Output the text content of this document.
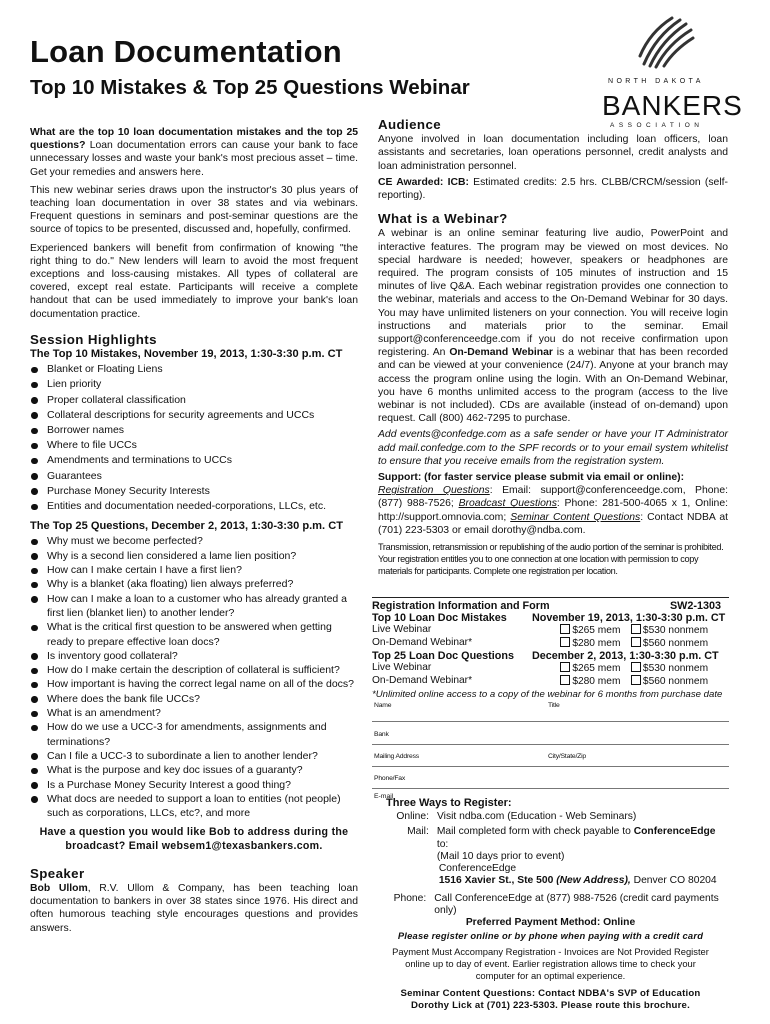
Loan Documentation
Top 10 Mistakes & Top 25 Questions Webinar	NORTH DAKOTA
BANKERS
ASSOCIATION

What are the top 10 loan documentation mistakes and the top 25 questions? Loan documentation errors can cause your bank to face unnecessary losses and waste your bank's most precious asset – time. Get your remedies and answers here.

This new webinar series draws upon the instructor's 30 plus years of teaching loan documentation in over 38 states and via webinars. Frequent questions in seminars and post-seminar questions are the source of topics to be presented, discussed and, hopefully, confirmed.

Experienced bankers will benefit from confirmation of knowing "the right thing to do." New lenders will learn to avoid the most frequent exceptions and loss-causing mistakes. All types of collateral are covered, except real estate. Participants will receive a complete handout that can be used immediately to improve your bank's loan documentation practice.

Session Highlights
The Top 10 Mistakes, November 19, 2013, 1:30-3:30 p.m. CT
Blanket or Floating Liens
Lien priority
Proper collateral classification
Collateral descriptions for security agreements and UCCs
Borrower names
Where to file UCCs
Amendments and terminations to UCCs
Guarantees
Purchase Money Security Interests
Entities and documentation needed-corporations, LLCs, etc.
The Top 25 Questions, December 2, 2013, 1:30-3:30 p.m. CT
Why must we become perfected?
Why is a second lien considered a lame lien position?
How can I make certain I have a first lien?
Why is a blanket (aka floating) lien always preferred?
How can I make a loan to a customer who has already granted a first lien (blanket lien) to another lender?
What is the critical first question to be answered when getting ready to prepare effective loan docs?
Is inventory good collateral?
How do I make certain the description of collateral is sufficient?
How important is having the correct legal name on all of the docs?
Where does the bank file UCCs?
What is an amendment?
How do we use a UCC-3 for amendments, assignments and terminations?
Can I file a UCC-3 to subordinate a lien to another lender?
What is the purpose and key doc issues of a guaranty?
Is a Purchase Money Security Interest a good thing?
What docs are needed to support a loan to entities (not people) such as corporations, LLCs, etc?, and more
Have a question you would like Bob to address during the broadcast? Email websem1@texasbankers.com.
Speaker

Bob Ullom, R.V. Ullom & Company, has been teaching loan documentation to bankers in over 38 states since 1976. His direct and often humorous teaching style encourages questions and provides answers.

Audience

Anyone involved in loan documentation including loan officers, loan assistants and secretaries, loan operations personnel, credit analysts and loan administration personnel.

CE Awarded: ICB: Estimated credits: 2.5 hrs. CLBB/CRCM/session (self-reporting).

What is a Webinar?

A webinar is an online seminar featuring live audio, PowerPoint and interactive features. The program may be viewed on most devices. No special hardware is needed; however, speakers or headphones are required. The program consists of 105 minutes of instruction and 15 minutes of live Q&A. Each webinar registration provides one connection to the webinar, materials and access to the On-Demand Webinar for 30 days. You may have unlimited listeners on your connection. You will receive login instructions and materials prior to the seminar. Email support@conferenceedge.com if you do not receive confirmation upon registering. An On-Demand Webinar is a webinar that has been recorded and can be viewed at your convenience (24/7). Anyone at your branch may access the program online using the login. With an On-Demand Webinar, you have 6 months unlimited access to the program (access to the live webinar is not included). CDs are available (instead of on-demand) upon request. Call (800) 462-7295 to purchase.

Add events@confedge.com as a safe sender or have your IT Administrator add mail.confedge.com to the SPF records or to your email system whitelist to ensure that you receive emails from the registration system.

Support: (for faster service please submit via email or online):

Registration Questions: Email: support@conferenceedge.com, Phone: (877) 988-7526; Broadcast Questions: Phone: 281-500-4065 x 1, Online: http://support.omnovia.com; Seminar Content Questions: Contact NDBA at (701) 223-5303 or email dorothy@ndba.com.

Transmission, retransmission or republishing of the audio portion of the seminar is prohibited. Your registration entitles you to one connection at one location with permission to copy materials for participants. Complete one registration per location.

Registration Information and Form	SW2-1303
Top 10 Loan Doc Mistakes	November 19, 2013, 1:30-3:30 p.m. CT
Live Webinar	$265 mem	$530 nonmem
On-Demand Webinar*	$280 mem	$560 nonmem
Top 25 Loan Doc Questions	December 2, 2013, 1:30-3:30 p.m. CT
Live Webinar	$265 mem	$530 nonmem
On-Demand Webinar*	$280 mem	$560 nonmem
*Unlimited online access to a copy of the webinar for 6 months from purchase date
Name	Title
Bank
Mailing Address	City/State/Zip
Phone/Fax
E-mail
Three Ways to Register:
Online: Visit ndba.com (Education - Web Seminars)
Mail: Mail completed form with check payable to ConferenceEdge to:
(Mail 10 days prior to event)
ConferenceEdge
1516 Xavier St., Ste 500 (New Address), Denver CO 80204
Phone: Call ConferenceEdge at (877) 988-7526 (credit card payments only)
Preferred Payment Method: Online
Please register online or by phone when paying with a credit card
Payment Must Accompany Registration - Invoices are Not Provided Register online up to day of event. Earlier registration allows time to check your computer for an optimal experience.
Seminar Content Questions: Contact NDBA's SVP of Education
Dorothy Lick at (701) 223-5303. Please route this brochure.
